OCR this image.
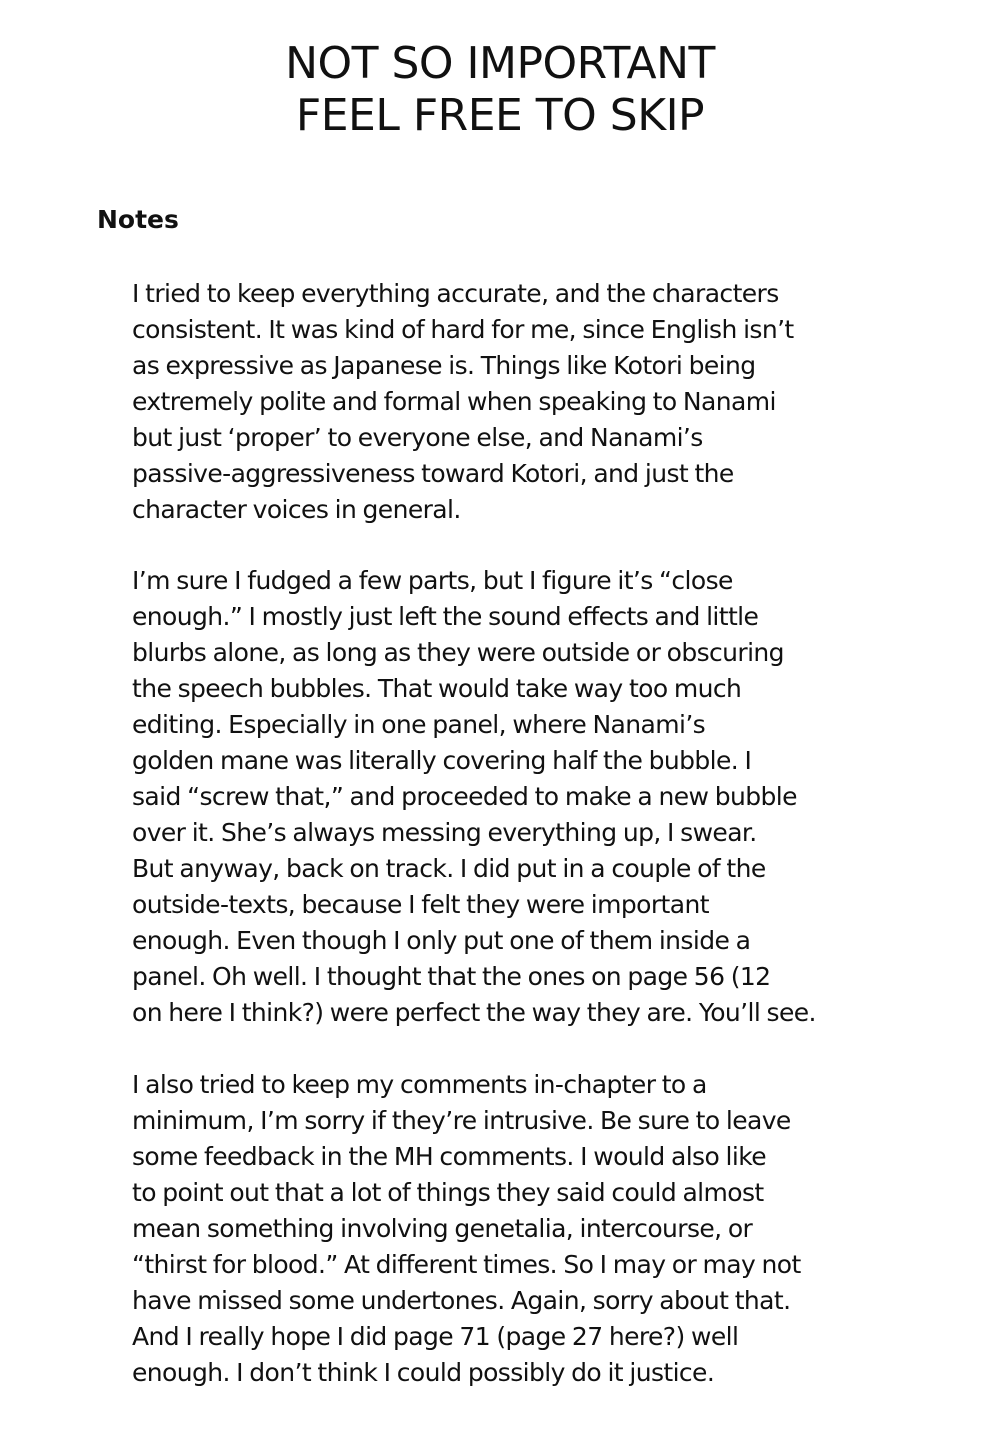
NOT SO IMPORTANT
FEEL FREE TO SKIP
Notes

I tried to keep everything accurate, and the characters

consistent. It was kind of hard for me, since English isn’t

as expressive as Japanese is. Things like Kotori being

extremely polite and formal when speaking to Nanami

but just ‘proper’ to everyone else, and Nanami’s

passive-aggressiveness toward Kotori, and just the

character voices in general.

I’m sure I fudged a few parts, but I figure it’s “close

enough.” I mostly just left the sound effects and little

blurbs alone, as long as they were outside or obscuring

the speech bubbles. That would take way too much

editing. Especially in one panel, where Nanami’s

golden mane was literally covering half the bubble. I

said “screw that,” and proceeded to make a new bubble

over it. She’s always messing everything up, I swear.

But anyway, back on track. I did put in a couple of the

outside-texts, because I felt they were important

enough. Even though I only put one of them inside a

panel. Oh well. I thought that the ones on page 56 (12

on here I think?) were perfect the way they are. You’ll see.

I also tried to keep my comments in-chapter to a

minimum, I’m sorry if they’re intrusive. Be sure to leave

some feedback in the MH comments. I would also like

to point out that a lot of things they said could almost

mean something involving genetalia, intercourse, or

“thirst for blood.” At different times. So I may or may not

have missed some undertones. Again, sorry about that.

And I really hope I did page 71 (page 27 here?) well

enough. I don’t think I could possibly do it justice.
